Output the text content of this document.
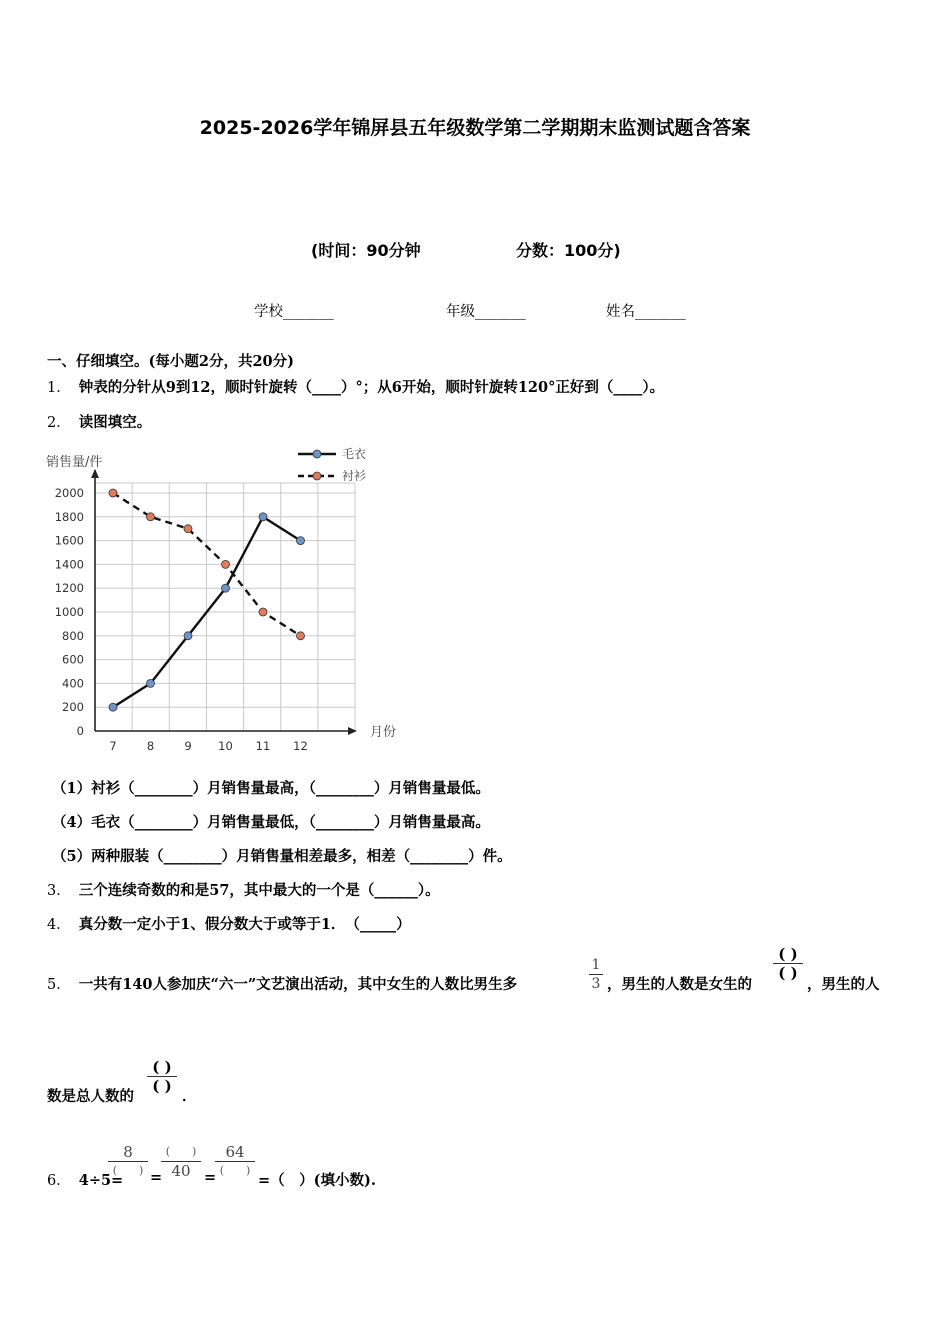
2025-2026学年锦屏县五年级数学第二学期期末监测试题含答案
(时间：90分钟	分数：100分)
学校_______	年级_______	姓名_______
一、仔细填空。(每小题2分，共20分)
1． 钟表的分针从9到12，顺时针旋转（____）°；从6开始，顺时针旋转120°正好到（____）。
2． 读图填空。
0
200
400
600
800
1000
1200
1400
1600
1800
2000
7	8	9 10 11 12
毛衣
衬衫
销售量/件
月份
（1）衬衫（________）月销售量最高，（________）月销售量最低。
（4）毛衣（________）月销售量最低，（________）月销售量最高。
（5）两种服装（________）月销售量相差最多，相差（________）件。
3． 三个连续奇数的和是57，其中最大的一个是（______）。
4． 真分数一定小于1、假分数大于或等于1．　（_____）
5． 一共有140人参加庆“六一”文艺演出活动，其中女生的人数比男生多
1
3 ，男生的人数是女生的
( )
( )
，男生的人
数是总人数的
( )
( )
．
6． 4÷5=
8
(　　) =
(　　)
40 =
64
(　　)
=（　）(填小数).
